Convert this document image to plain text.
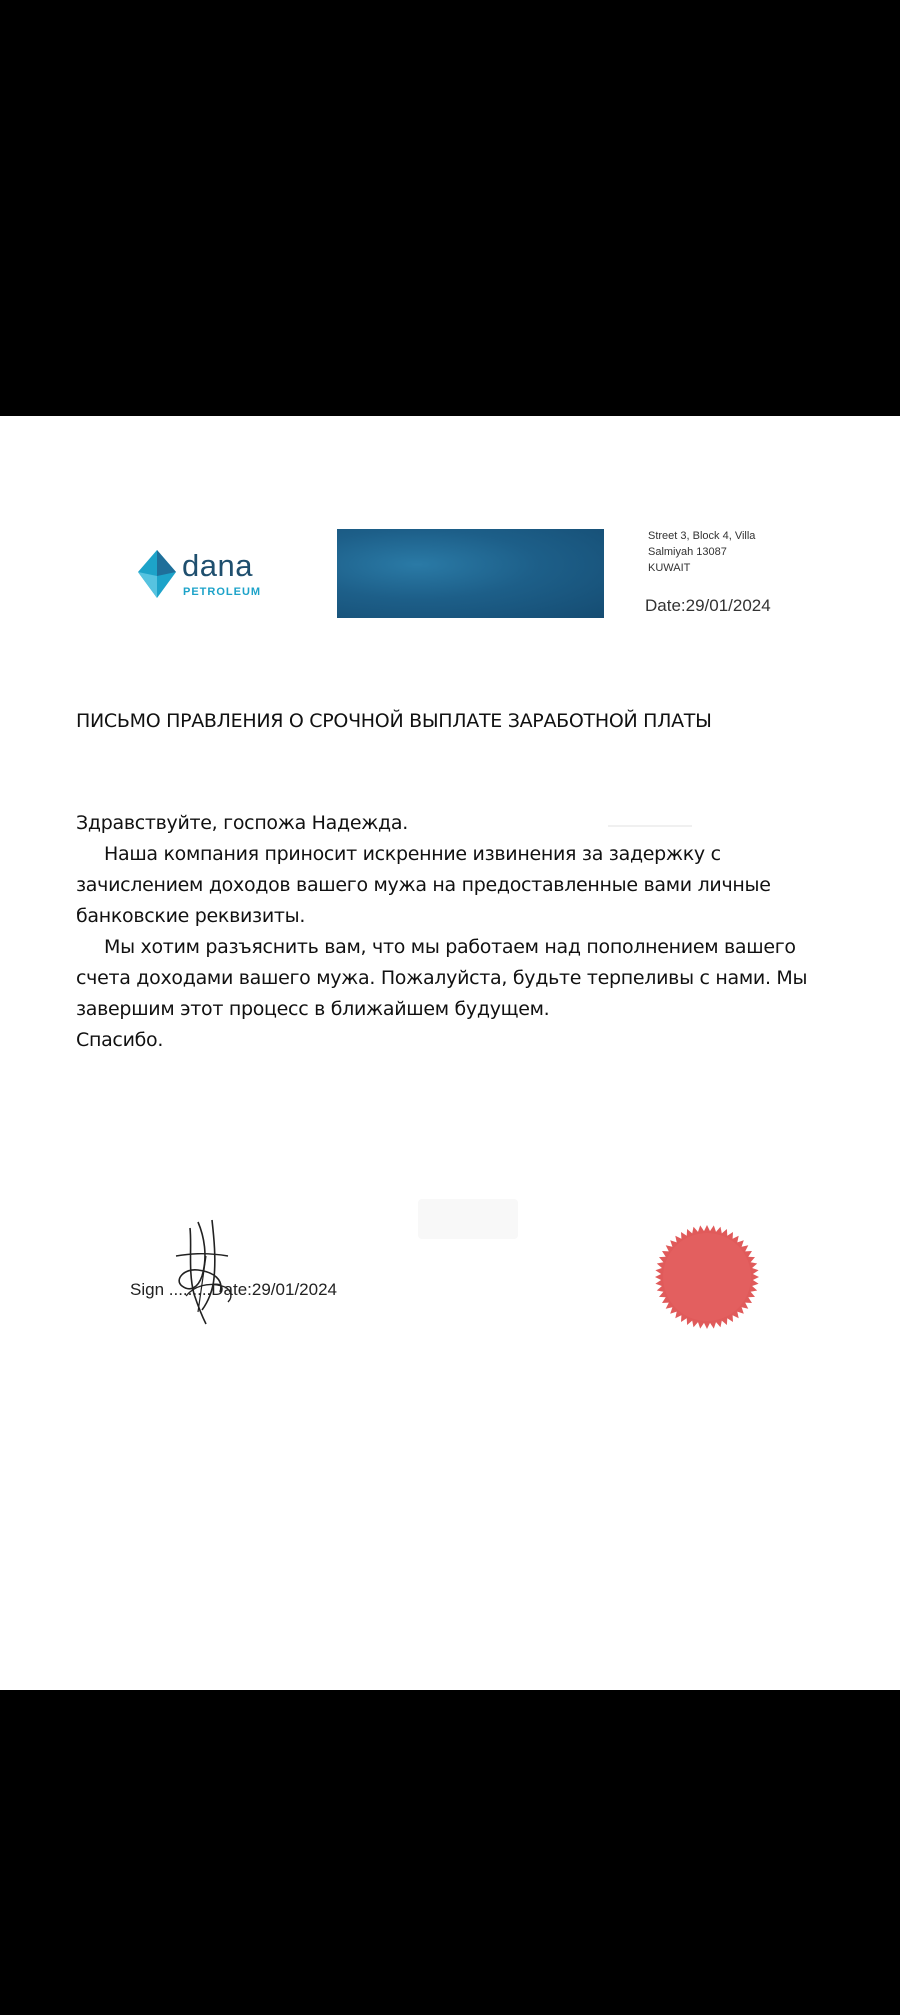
dana
PETROLEUM
Street 3, Block 4, Villa
Salmiyah 13087
KUWAIT
Date:29/01/2024
ПИСЬМО ПРАВЛЕНИЯ О СРОЧНОЙ ВЫПЛАТЕ ЗАРАБОТНОЙ ПЛАТЫ

Здравствуйте, госпожа Надежда.

Наша компания приносит искренние извинения за задержку с зачислением доходов вашего мужа на предоставленные вами личные банковские реквизиты.

Мы хотим разъяснить вам, что мы работаем над пополнением вашего счета доходами вашего мужа. Пожалуйста, будьте терпеливы с нами. Мы завершим этот процесс в ближайшем будущем.

Спасибо.

Sign .........Date:29/01/2024
